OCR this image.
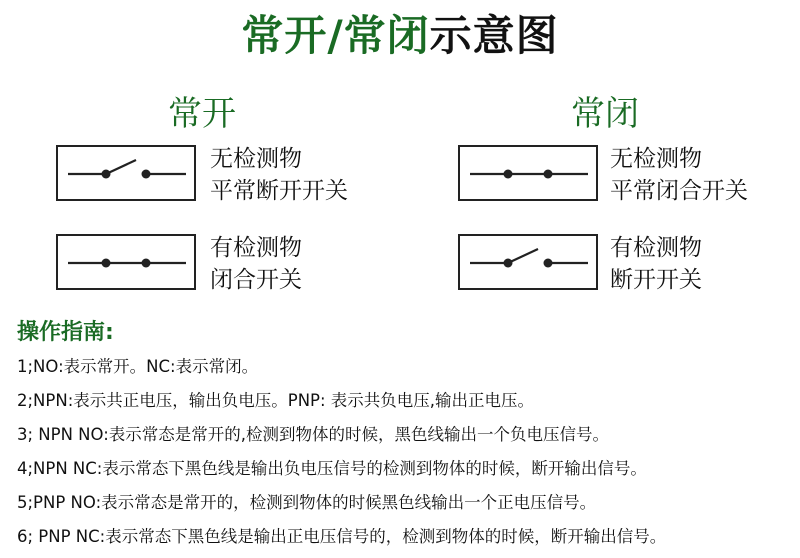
常开/常闭示意图
常开
无检测物
平常断开开关
有检测物
闭合开关
常闭
无检测物
平常闭合开关
有检测物
断开开关
操作指南:
1;NO:表示常开。NC:表示常闭。
2;NPN:表示共正电压，输出负电压。PNP: 表示共负电压,输出正电压。
3; NPN NO:表示常态是常开的,检测到物体的时候，黑色线输出一个负电压信号。
4;NPN NC:表示常态下黑色线是输出负电压信号的检测到物体的时候，断开输出信号。
5;PNP NO:表示常态是常开的，检测到物体的时候黑色线输出一个正电压信号。
6; PNP NC:表示常态下黑色线是输出正电压信号的，检测到物体的时候，断开输出信号。
